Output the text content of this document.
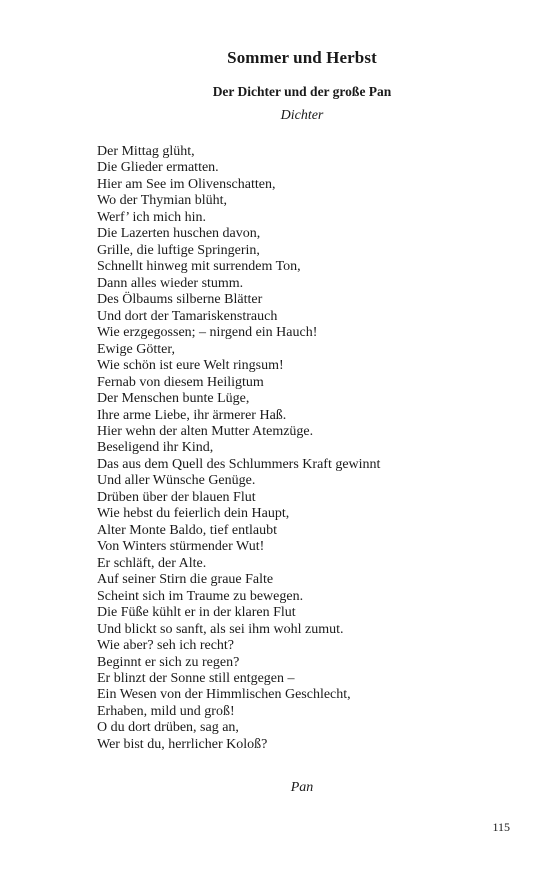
Sommer und Herbst
Der Dichter und der große Pan
Dichter
Der Mittag glüht,
Die Glieder ermatten.
Hier am See im Olivenschatten,
Wo der Thymian blüht,
Werf’ ich mich hin.
Die Lazerten huschen davon,
Grille, die luftige Springerin,
Schnellt hinweg mit surrendem Ton,
Dann alles wieder stumm.
Des Ölbaums silberne Blätter
Und dort der Tamariskenstrauch
Wie erzgegossen; – nirgend ein Hauch!
Ewige Götter,
Wie schön ist eure Welt ringsum!
Fernab von diesem Heiligtum
Der Menschen bunte Lüge,
Ihre arme Liebe, ihr ärmerer Haß.
Hier wehn der alten Mutter Atemzüge.
Beseligend ihr Kind,
Das aus dem Quell des Schlummers Kraft gewinnt
Und aller Wünsche Genüge.
Drüben über der blauen Flut
Wie hebst du feierlich dein Haupt,
Alter Monte Baldo, tief entlaubt
Von Winters stürmender Wut!
Er schläft, der Alte.
Auf seiner Stirn die graue Falte
Scheint sich im Traume zu bewegen.
Die Füße kühlt er in der klaren Flut
Und blickt so sanft, als sei ihm wohl zumut.
Wie aber? seh ich recht?
Beginnt er sich zu regen?
Er blinzt der Sonne still entgegen –
Ein Wesen von der Himmlischen Geschlecht,
Erhaben, mild und groß!
O du dort drüben, sag an,
Wer bist du, herrlicher Koloß?
Pan
115
